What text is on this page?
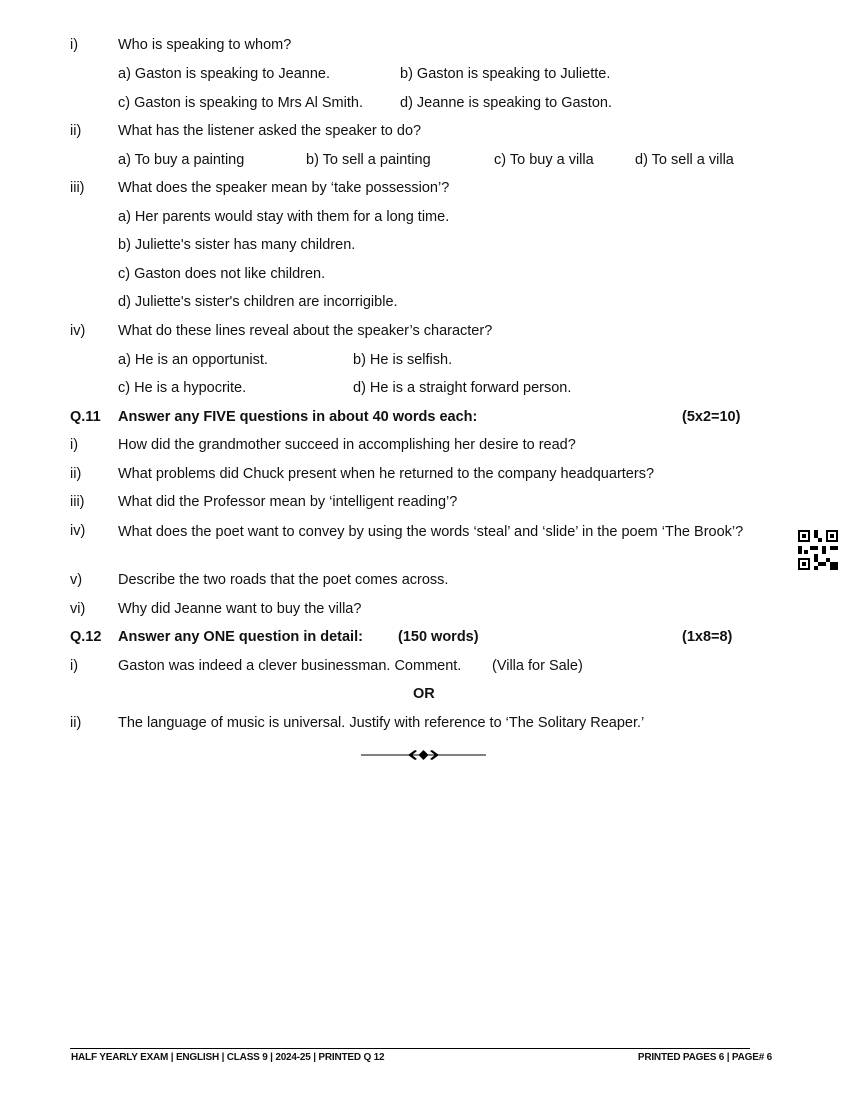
i)	Who is speaking to whom?
a) Gaston is speaking to Jeanne.	b) Gaston is speaking to Juliette.
c) Gaston is speaking to Mrs Al Smith.	d) Jeanne is speaking to Gaston.
ii)	What has the listener asked the speaker to do?
a) To buy a painting	b) To sell a painting	c) To buy a villa	d) To sell a villa
iii) What does the speaker mean by ‘take possession’?
a) Her parents would stay with them for a long time.
b) Juliette's sister has many children.
c) Gaston does not like children.
d) Juliette's sister's children are incorrigible.
iv) What do these lines reveal about the speaker’s character?
a) He is an opportunist.	b) He is selfish.
c) He is a hypocrite.	d) He is a straight forward person.
Q.11 Answer any FIVE questions in about 40 words each:	(5x2=10)
i)	How did the grandmother succeed in accomplishing her desire to read?
ii)	What problems did Chuck present when he returned to the company headquarters?
iii) What did the Professor mean by ‘intelligent reading’?
iv) What does the poet want to convey by using the words ‘steal’ and ‘slide’ in the poem ‘The Brook’?
v) Describe the two roads that the poet comes across.
vi) Why did Jeanne want to buy the villa?
Q.12 Answer any ONE question in detail: (150 words)	(1x8=8)
i)	Gaston was indeed a clever businessman. Comment. (Villa for Sale)
OR
ii)	The language of music is universal. Justify with reference to ‘The Solitary Reaper.’
HALF YEARLY EXAM | ENGLISH | CLASS 9 | 2024-25 | PRINTED Q 12	PRINTED PAGES 6 | PAGE# 6
